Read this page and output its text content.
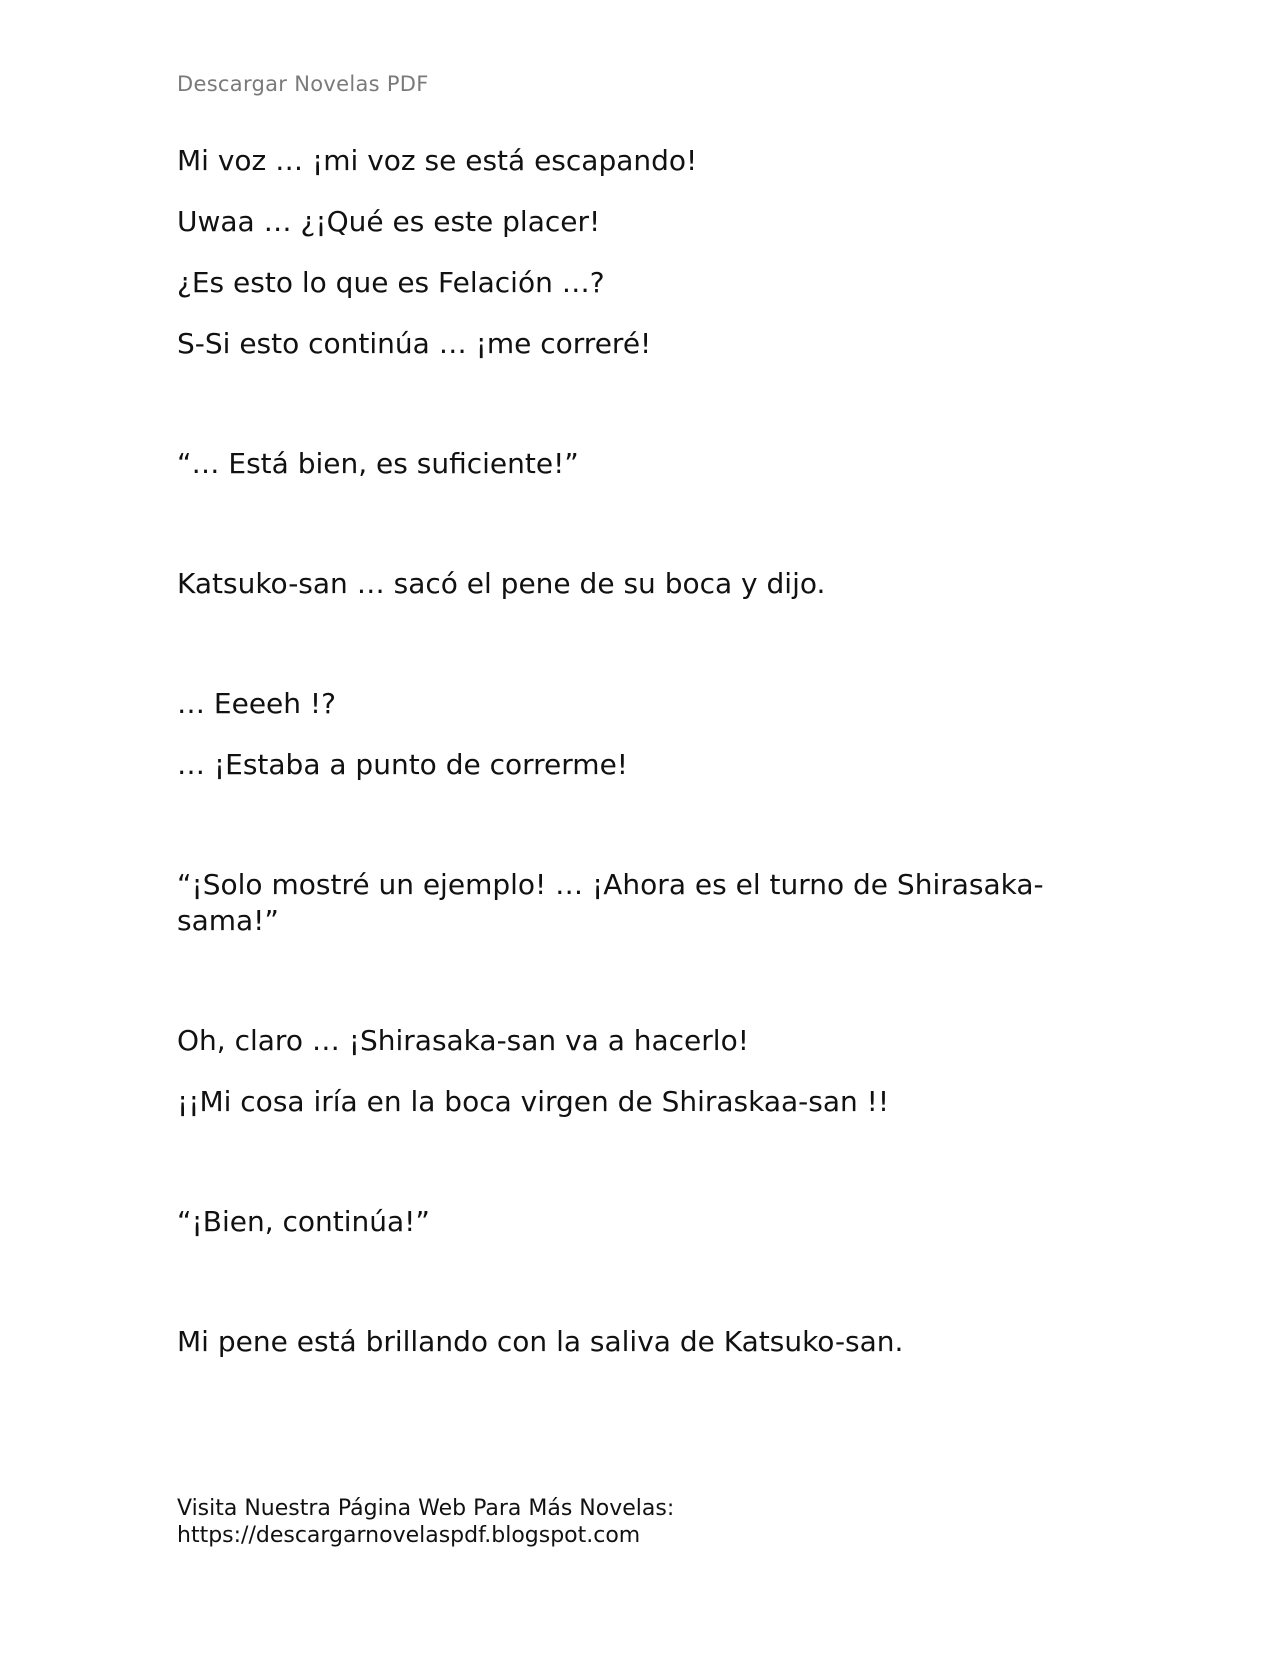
Descargar Novelas PDF

Mi voz … ¡mi voz se está escapando!

Uwaa … ¿¡Qué es este placer!

¿Es esto lo que es Felación …?

S-Si esto continúa … ¡me correré!

“… Está bien, es suficiente!”

Katsuko-san … sacó el pene de su boca y dijo.

… Eeeeh !?

… ¡Estaba a punto de correrme!

“¡Solo mostré un ejemplo! … ¡Ahora es el turno de Shirasaka-sama!”

Oh, claro … ¡Shirasaka-san va a hacerlo!

¡¡Mi cosa iría en la boca virgen de Shiraskaa-san !!

“¡Bien, continúa!”

Mi pene está brillando con la saliva de Katsuko-san.

Visita Nuestra Página Web Para Más Novelas:
https://descargarnovelaspdf.blogspot.com
